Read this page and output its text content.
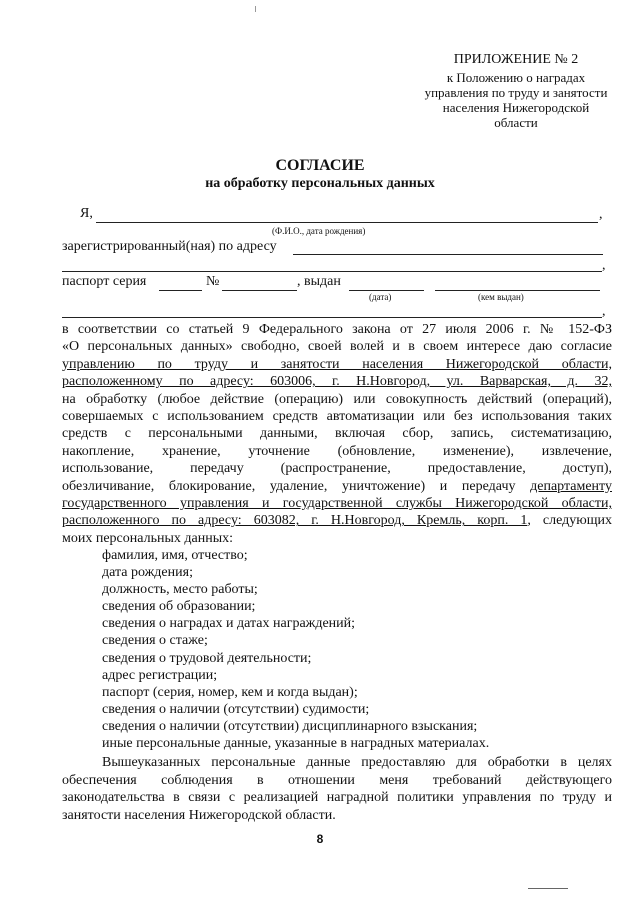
ПРИЛОЖЕНИЕ № 2
к Положению о наградах
управления по труду и занятости
населения Нижегородской
области
СОГЛАСИЕ
на обработку персональных данных
Я,	,
(Ф.И.О., дата рождения)
зарегистрированный(ная) по адресу
,
паспорт серия	№	, выдан
(дата)	(кем выдан)
,

в соответствии со статьей 9 Федерального закона от 27 июля 2006 г. № 152-ФЗ

«О персональных данных» свободно, своей волей и в своем интересе даю согласие

управлению по труду и занятости населения Нижегородской области,

расположенному по адресу: 603006, г. Н.Новгород, ул. Варварская, д. 32,

на обработку (любое действие (операцию) или совокупность действий (операций),

совершаемых с использованием средств автоматизации или без использования таких

средств с персональными данными, включая сбор, запись, систематизацию,

накопление, хранение, уточнение (обновление, изменение), извлечение,

использование, передачу (распространение, предоставление, доступ),

обезличивание, блокирование, удаление, уничтожение) и передачу департаменту

государственного управления и государственной службы Нижегородской области,

расположенного по адресу: 603082, г. Н.Новгород, Кремль, корп. 1, следующих

моих персональных данных:

фамилия, имя, отчество;
дата рождения;
должность, место работы;
сведения об образовании;
сведения о наградах и датах награждений;
сведения о стаже;
сведения о трудовой деятельности;
адрес регистрации;
паспорт (серия, номер, кем и когда выдан);
сведения о наличии (отсутствии) судимости;
сведения о наличии (отсутствии) дисциплинарного взыскания;
иные персональные данные, указанные в наградных материалах.

Вышеуказанных персональные данные предоставляю для обработки в целях

обеспечения соблюдения в отношении меня требований действующего

законодательства в связи с реализацией наградной политики управления по труду и

занятости населения Нижегородской области.

8
